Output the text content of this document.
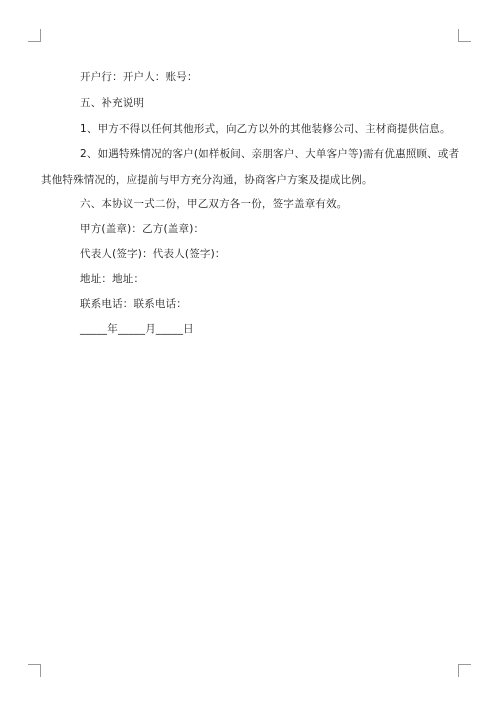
开户行：开户人：账号：
五、补充说明
1、甲方不得以任何其他形式，向乙方以外的其他装修公司、主材商提供信息。
2、如遇特殊情况的客户(如样板间、亲朋客户、大单客户等)需有优惠照顾、或者
其他特殊情况的，应提前与甲方充分沟通，协商客户方案及提成比例。
六、本协议一式二份，甲乙双方各一份，签字盖章有效。
甲方(盖章)：乙方(盖章)：
代表人(签字)：代表人(签字)：
地址：地址：
联系电话：联系电话：
_____年_____月_____日
